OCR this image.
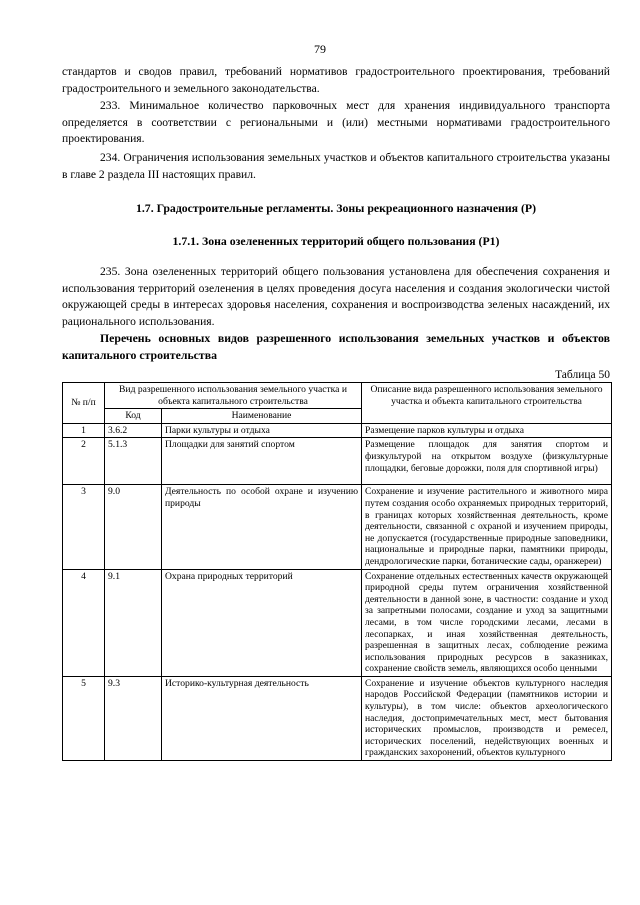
79

стандартов и сводов правил, требований нормативов градостроительного проектирования, требований градостроительного и земельного законодательства.

233. Минимальное количество парковочных мест для хранения индивидуального транспорта определяется в соответствии с региональными и (или) местными нормативами градостроительного проектирования.

234. Ограничения использования земельных участков и объектов капитального строительства указаны в главе 2 раздела III настоящих правил.

1.7. Градостроительные регламенты. Зоны рекреационного назначения (Р)
1.7.1. Зона озелененных территорий общего пользования (Р1)

235. Зона озелененных территорий общего пользования установлена для обеспечения сохранения и использования территорий озеленения в целях проведения досуга населения и создания экологически чистой окружающей среды в интересах здоровья населения, сохранения и воспроизводства зеленых насаждений, их рационального использования.

Перечень основных видов разрешенного использования земельных участков и объектов капитального строительства
Таблица 50
№ п/п	Вид разрешенного использования земельного участка и объекта капитального строительства		Описание вида разрешенного использования земельного участка и объекта капитального строительства
	Код	Наименование	
1	3.6.2	Парки культуры и отдыха	Размещение парков культуры и отдыха
2	5.1.3	Площадки для занятий спортом	Размещение площадок для занятия спортом и физкультурой на открытом воздухе (физкультурные площадки, беговые дорожки, поля для спортивной игры)
3	9.0	Деятельность по особой охране и изучению природы	Сохранение и изучение растительного и животного мира путем создания особо охраняемых природных территорий, в границах которых хозяйственная деятельность, кроме деятельности, связанной с охраной и изучением природы, не допускается (государственные природные заповедники, национальные и природные парки, памятники природы, дендрологические парки, ботанические сады, оранжереи)
4	9.1	Охрана природных территорий	Сохранение отдельных естественных качеств окружающей природной среды путем ограничения хозяйственной деятельности в данной зоне, в частности: создание и уход за запретными полосами, создание и уход за защитными лесами, в том числе городскими лесами, лесами в лесопарках, и иная хозяйственная деятельность, разрешенная в защитных лесах, соблюдение режима использования природных ресурсов в заказниках, сохранение свойств земель, являющихся особо ценными
5	9.3	Историко-культурная деятельность	Сохранение и изучение объектов культурного наследия народов Российской Федерации (памятников истории и культуры), в том числе: объектов археологического наследия, достопримечательных мест, мест бытования исторических промыслов, производств и ремесел, исторических поселений, недействующих военных и гражданских захоронений, объектов культурного
